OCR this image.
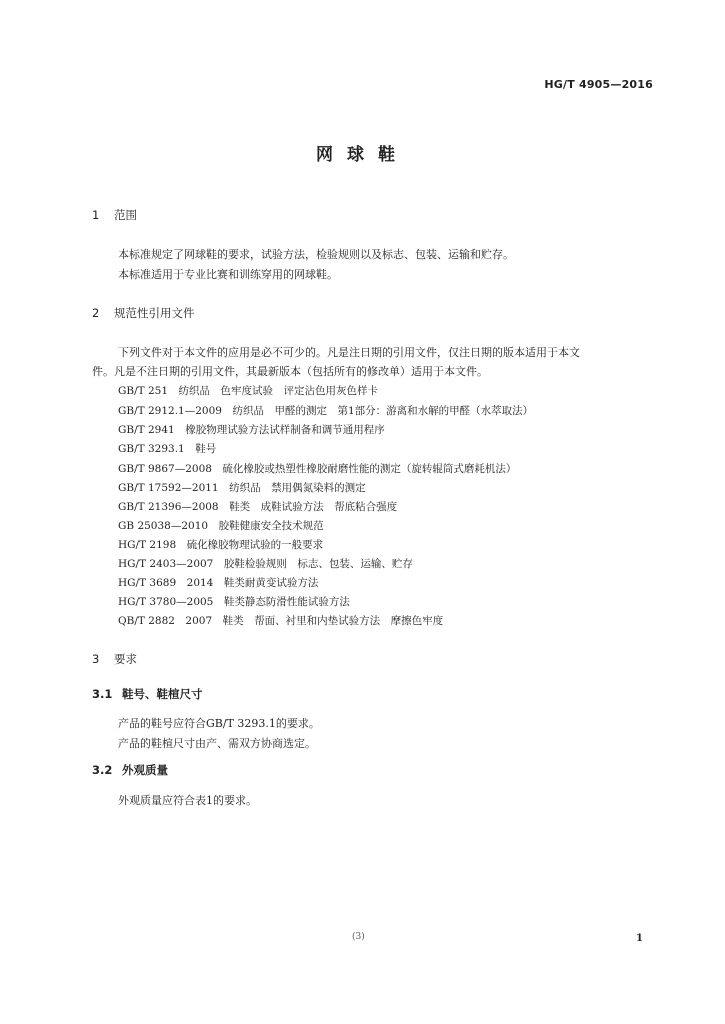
HG/T 4905—2016
网球鞋
1 范围
本标准规定了网球鞋的要求，试验方法，检验规则以及标志、包装、运输和贮存。
本标准适用于专业比赛和训练穿用的网球鞋。
2 规范性引用文件
下列文件对于本文件的应用是必不可少的。凡是注日期的引用文件，仅注日期的版本适用于本文
件。凡是不注日期的引用文件，其最新版本（包括所有的修改单）适用于本文件。
GB/T 251　纺织品　色牢度试验　评定沾色用灰色样卡
GB/T 2912.1—2009　纺织品　甲醛的测定　第1部分：游离和水解的甲醛（水萃取法）
GB/T 2941　橡胶物理试验方法试样制备和调节通用程序
GB/T 3293.1　鞋号
GB/T 9867—2008　硫化橡胶或热塑性橡胶耐磨性能的测定（旋转辊筒式磨耗机法）
GB/T 17592—2011　纺织品　禁用偶氮染料的测定
GB/T 21396—2008　鞋类　成鞋试验方法　帮底粘合强度
GB 25038—2010　胶鞋健康安全技术规范
HG/T 2198　硫化橡胶物理试验的一般要求
HG/T 2403—2007　胶鞋检验规则　标志、包装、运输、贮存
HG/T 3689　2014　鞋类耐黄变试验方法
HG/T 3780—2005　鞋类静态防滑性能试验方法
QB/T 2882　2007　鞋类　帮面、衬里和内垫试验方法　摩擦色牢度
3 要求
3.1 鞋号、鞋楦尺寸
产品的鞋号应符合GB/T 3293.1的要求。
产品的鞋楦尺寸由产、需双方协商选定。
3.2 外观质量
外观质量应符合表1的要求。
(3)	1
